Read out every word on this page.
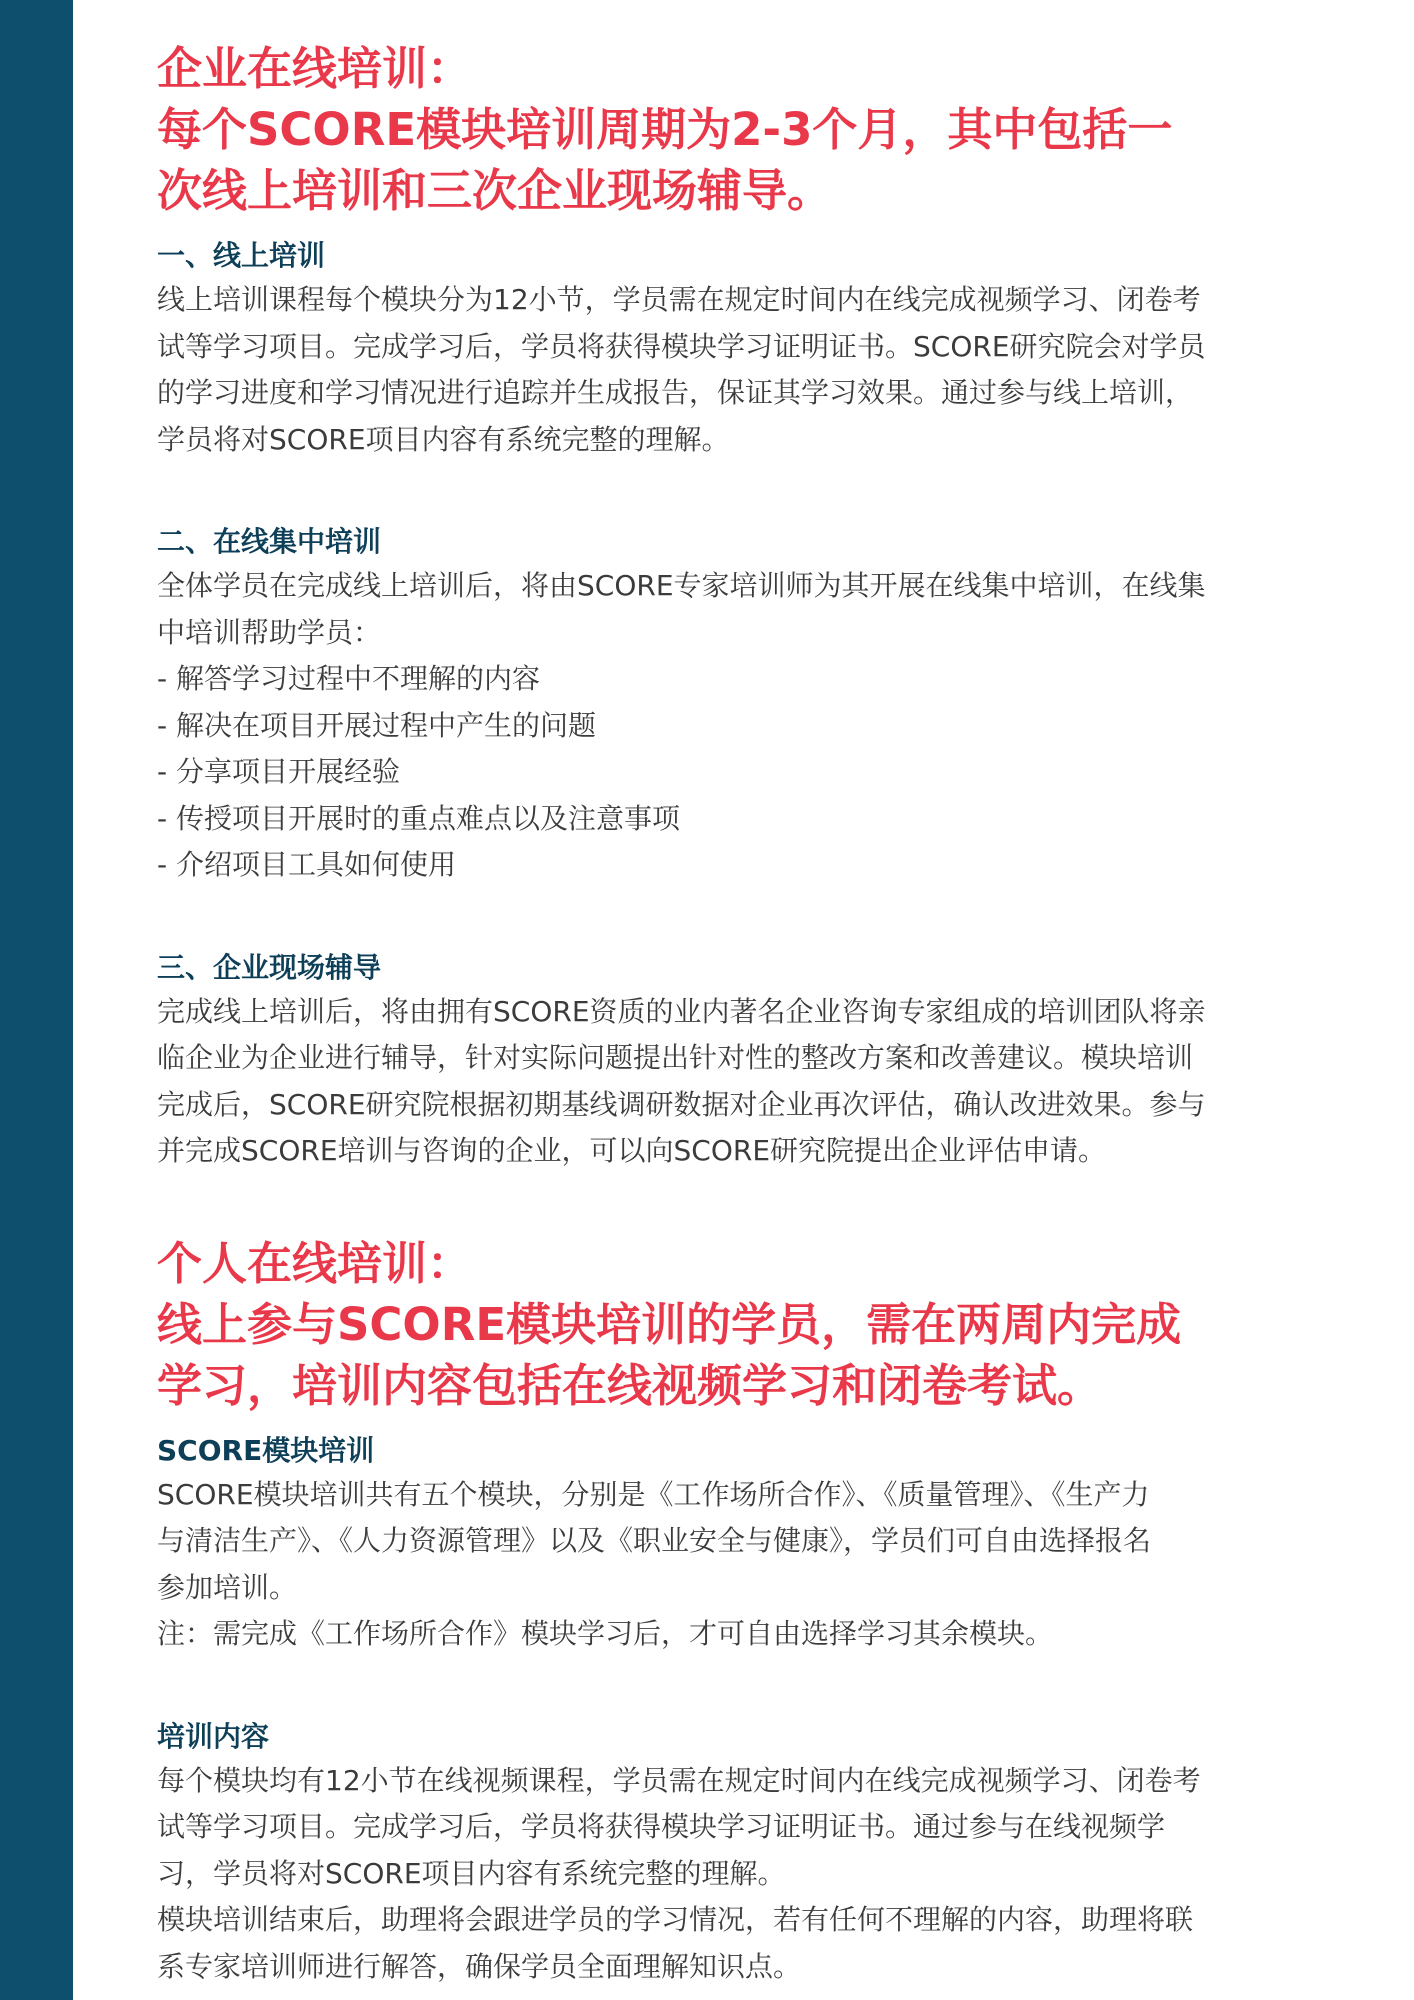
企业在线培训：
每个SCORE模块培训周期为2-3个月，其中包括一
次线上培训和三次企业现场辅导。
一、线上培训

线上培训课程每个模块分为12小节，学员需在规定时间内在线完成视频学习、闭卷考
试等学习项目。完成学习后，学员将获得模块学习证明证书。SCORE研究院会对学员
的学习进度和学习情况进行追踪并生成报告，保证其学习效果。通过参与线上培训，
学员将对SCORE项目内容有系统完整的理解。

二、在线集中培训

全体学员在完成线上培训后，将由SCORE专家培训师为其开展在线集中培训，在线集
中培训帮助学员：

- 解答学习过程中不理解的内容
- 解决在项目开展过程中产生的问题
- 分享项目开展经验
- 传授项目开展时的重点难点以及注意事项
- 介绍项目工具如何使用
三、企业现场辅导

完成线上培训后，将由拥有SCORE资质的业内著名企业咨询专家组成的培训团队将亲
临企业为企业进行辅导，针对实际问题提出针对性的整改方案和改善建议。模块培训
完成后，SCORE研究院根据初期基线调研数据对企业再次评估，确认改进效果。参与
并完成SCORE培训与咨询的企业，可以向SCORE研究院提出企业评估申请。

个人在线培训：
线上参与SCORE模块培训的学员，需在两周内完成
学习，培训内容包括在线视频学习和闭卷考试。
SCORE模块培训

SCORE模块培训共有五个模块，分别是《工作场所合作》、《质量管理》、《生产力
与清洁生产》、《人力资源管理》以及《职业安全与健康》，学员们可自由选择报名
参加培训。
注：需完成《工作场所合作》模块学习后，才可自由选择学习其余模块。

培训内容

每个模块均有12小节在线视频课程，学员需在规定时间内在线完成视频学习、闭卷考
试等学习项目。完成学习后，学员将获得模块学习证明证书。通过参与在线视频学
习，学员将对SCORE项目内容有系统完整的理解。
模块培训结束后，助理将会跟进学员的学习情况，若有任何不理解的内容，助理将联
系专家培训师进行解答，确保学员全面理解知识点。
